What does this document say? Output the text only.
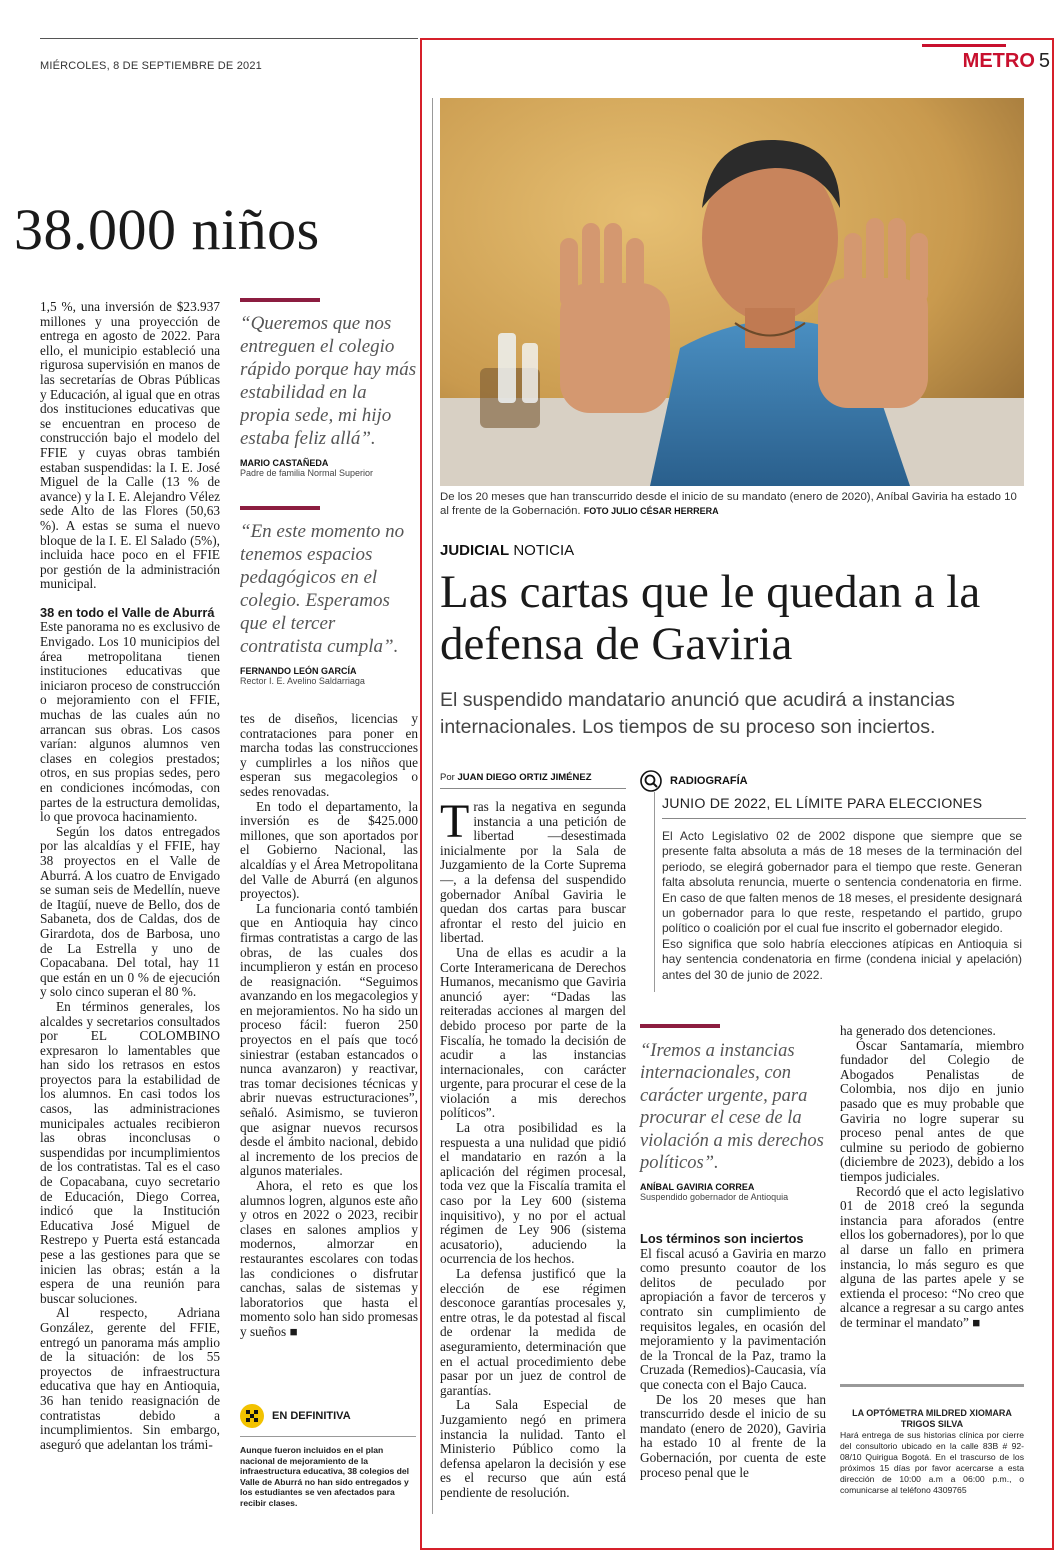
MIÉRCOLES, 8 DE SEPTIEMBRE DE 2021	METRO 5
38.000 niños

1,5 %, una inversión de $23.937 millones y una proyección de entrega en agosto de 2022. Para ello, el municipio estableció una rigurosa supervisión en manos de las secretarías de Obras Públicas y Educación, al igual que en otras dos instituciones educativas que se encuentran en proceso de construcción bajo el modelo del FFIE y cuyas obras también estaban suspendidas: la I. E. José Miguel de la Calle (13 % de avance) y la I. E. Alejandro Vélez sede Alto de las Flores (50,63 %). A estas se suma el nuevo bloque de la I. E. El Salado (5%), incluida hace poco en el FFIE por gestión de la administración municipal.

38 en todo el Valle de Aburrá

Este panorama no es exclusivo de Envigado. Los 10 municipios del área metropolitana tienen instituciones educativas que iniciaron proceso de construcción o mejoramiento con el FFIE, muchas de las cuales aún no arrancan sus obras. Los casos varían: algunos alumnos ven clases en colegios prestados; otros, en sus propias sedes, pero en condiciones incómodas, con partes de la estructura demolidas, lo que provoca hacinamiento.

Según los datos entregados por las alcaldías y el FFIE, hay 38 proyectos en el Valle de Aburrá. A los cuatro de Envigado se suman seis de Medellín, nueve de Itagüí, nueve de Bello, dos de Sabaneta, dos de Caldas, dos de Girardota, dos de Barbosa, uno de La Estrella y uno de Copacabana. Del total, hay 11 que están en un 0 % de ejecución y solo cinco superan el 80 %.

En términos generales, los alcaldes y secretarios consultados por EL COLOMBINO expresaron lo lamentables que han sido los retrasos en estos proyectos para la estabilidad de los alumnos. En casi todos los casos, las administraciones municipales actuales recibieron las obras inconclusas o suspendidas por incumplimientos de los contratistas. Tal es el caso de Copacabana, cuyo secretario de Educación, Diego Correa, indicó que la Institución Educativa José Miguel de Restrepo y Puerta está estancada pese a las gestiones para que se inicien las obras; están a la espera de una reunión para buscar soluciones.

Al respecto, Adriana González, gerente del FFIE, entregó un panorama más amplio de la situación: de los 55 proyectos de infraestructura educativa que hay en Antioquia, 36 han tenido reasignación de contratistas debido a incumplimientos. Sin embargo, aseguró que adelantan los trámi-

“Queremos que nos entreguen el colegio rápido porque hay más estabilidad en la propia sede, mi hijo estaba feliz allá”.
MARIO CASTAÑEDA
Padre de familia Normal Superior
“En este momento no tenemos espacios pedagógicos en el colegio. Esperamos que el tercer contratista cumpla”.
FERNANDO LEÓN GARCÍA
Rector I. E. Avelino Saldarriaga

tes de diseños, licencias y contrataciones para poner en marcha todas las construcciones y cumplirles a los niños que esperan sus megacolegios o sedes renovadas.

En todo el departamento, la inversión es de $425.000 millones, que son aportados por el Gobierno Nacional, las alcaldías y el Área Metropolitana del Valle de Aburrá (en algunos proyectos).

La funcionaria contó también que en Antioquia hay cinco firmas contratistas a cargo de las obras, de las cuales dos incumplieron y están en proceso de reasignación. “Seguimos avanzando en los megacolegios y en mejoramientos. No ha sido un proceso fácil: fueron 250 proyectos en el país que tocó siniestrar (estaban estancados o nunca avanzaron) y reactivar, tras tomar decisiones técnicas y abrir nuevas estructuraciones”, señaló. Asimismo, se tuvieron que asignar nuevos recursos desde el ámbito nacional, debido al incremento de los precios de algunos materiales.

Ahora, el reto es que los alumnos logren, algunos este año y otros en 2022 o 2023, recibir clases en salones amplios y modernos, almorzar en restaurantes escolares con todas las condiciones o disfrutar canchas, salas de sistemas y laboratorios que hasta el momento solo han sido promesas y sueños ■

EN DEFINITIVA
Aunque fueron incluidos en el plan nacional de mejoramiento de la infraestructura educativa, 38 colegios del Valle de Aburrá no han sido entregados y los estudiantes se ven afectados para recibir clases.
De los 20 meses que han transcurrido desde el inicio de su mandato (enero de 2020), Aníbal Gaviria ha estado 10 al frente de la Gobernación. FOTO JULIO CÉSAR HERRERA
JUDICIAL NOTICIA
Las cartas que le quedan a la defensa de Gaviria
El suspendido mandatario anunció que acudirá a instancias internacionales. Los tiempos de su proceso son inciertos.
Por JUAN DIEGO ORTIZ JIMÉNEZ
T ras la negativa en segunda instancia a una petición de libertad —desestimada inicialmente por la Sala de Juzgamiento de la Corte Suprema—, a la defensa del suspendido gobernador Aníbal Gaviria le quedan dos cartas para buscar afrontar el resto del juicio en libertad.

Una de ellas es acudir a la Corte Interamericana de Derechos Humanos, mecanismo que Gaviria anunció ayer: “Dadas las reiteradas acciones al margen del debido proceso por parte de la Fiscalía, he tomado la decisión de acudir a las instancias internacionales, con carácter urgente, para procurar el cese de la violación a mis derechos políticos”.

La otra posibilidad es la respuesta a una nulidad que pidió el mandatario en razón a la aplicación del régimen procesal, toda vez que la Fiscalía tramita el caso por la Ley 600 (sistema inquisitivo), y no por el actual régimen de Ley 906 (sistema acusatorio), aduciendo la ocurrencia de los hechos.

La defensa justificó que la elección de ese régimen desconoce garantías procesales y, entre otras, le da potestad al fiscal de ordenar la medida de aseguramiento, determinación que en el actual procedimiento debe pasar por un juez de control de garantías.

La Sala Especial de Juzgamiento negó en primera instancia la nulidad. Tanto el Ministerio Público como la defensa apelaron la decisión y ese es el recurso que aún está pendiente de resolución.

RADIOGRAFÍA
JUNIO DE 2022, EL LÍMITE PARA ELECCIONES
El Acto Legislativo 02 de 2002 dispone que siempre que se presente falta absoluta a más de 18 meses de la terminación del periodo, se elegirá gobernador para el tiempo que reste. Generan falta absoluta renuncia, muerte o sentencia condenatoria en firme. En caso de que falten menos de 18 meses, el presidente designará un gobernador para lo que reste, respetando el partido, grupo político o coalición por el cual fue inscrito el gobernador elegido.
Eso significa que solo habría elecciones atípicas en Antioquia si hay sentencia condenatoria en firme (condena inicial y apelación) antes del 30 de junio de 2022.
“Iremos a instancias internacionales, con carácter urgente, para procurar el cese de la violación a mis derechos políticos”.
ANÍBAL GAVIRIA CORREA
Suspendido gobernador de Antioquia
Los términos son inciertos

El fiscal acusó a Gaviria en marzo como presunto coautor de los delitos de peculado por apropiación a favor de terceros y contrato sin cumplimiento de requisitos legales, en ocasión del mejoramiento y la pavimentación de la Troncal de la Paz, tramo la Cruzada (Remedios)-Caucasia, vía que conecta con el Bajo Cauca.

De los 20 meses que han transcurrido desde el inicio de su mandato (enero de 2020), Gaviria ha estado 10 al frente de la Gobernación, por cuenta de este proceso penal que le

ha generado dos detenciones.

Óscar Santamaría, miembro fundador del Colegio de Abogados Penalistas de Colombia, nos dijo en junio pasado que es muy probable que Gaviria no logre superar su proceso penal antes de que culmine su periodo de gobierno (diciembre de 2023), debido a los tiempos judiciales.

Recordó que el acto legislativo 01 de 2018 creó la segunda instancia para aforados (entre ellos los gobernadores), por lo que al darse un fallo en primera instancia, lo más seguro es que alguna de las partes apele y se extienda el proceso: “No creo que alcance a regresar a su cargo antes de terminar el mandato” ■

LA OPTÓMETRA MILDRED XIOMARA
TRIGOS SILVA
Hará entrega de sus historias clínica por cierre del consultorio ubicado en la calle 83B # 92-08/10 Quirigua Bogotá. En el trascurso de los próximos 15 días por favor acercarse a esta dirección de 10:00 a.m a 06:00 p.m., o comunicarse al teléfono 4309765
